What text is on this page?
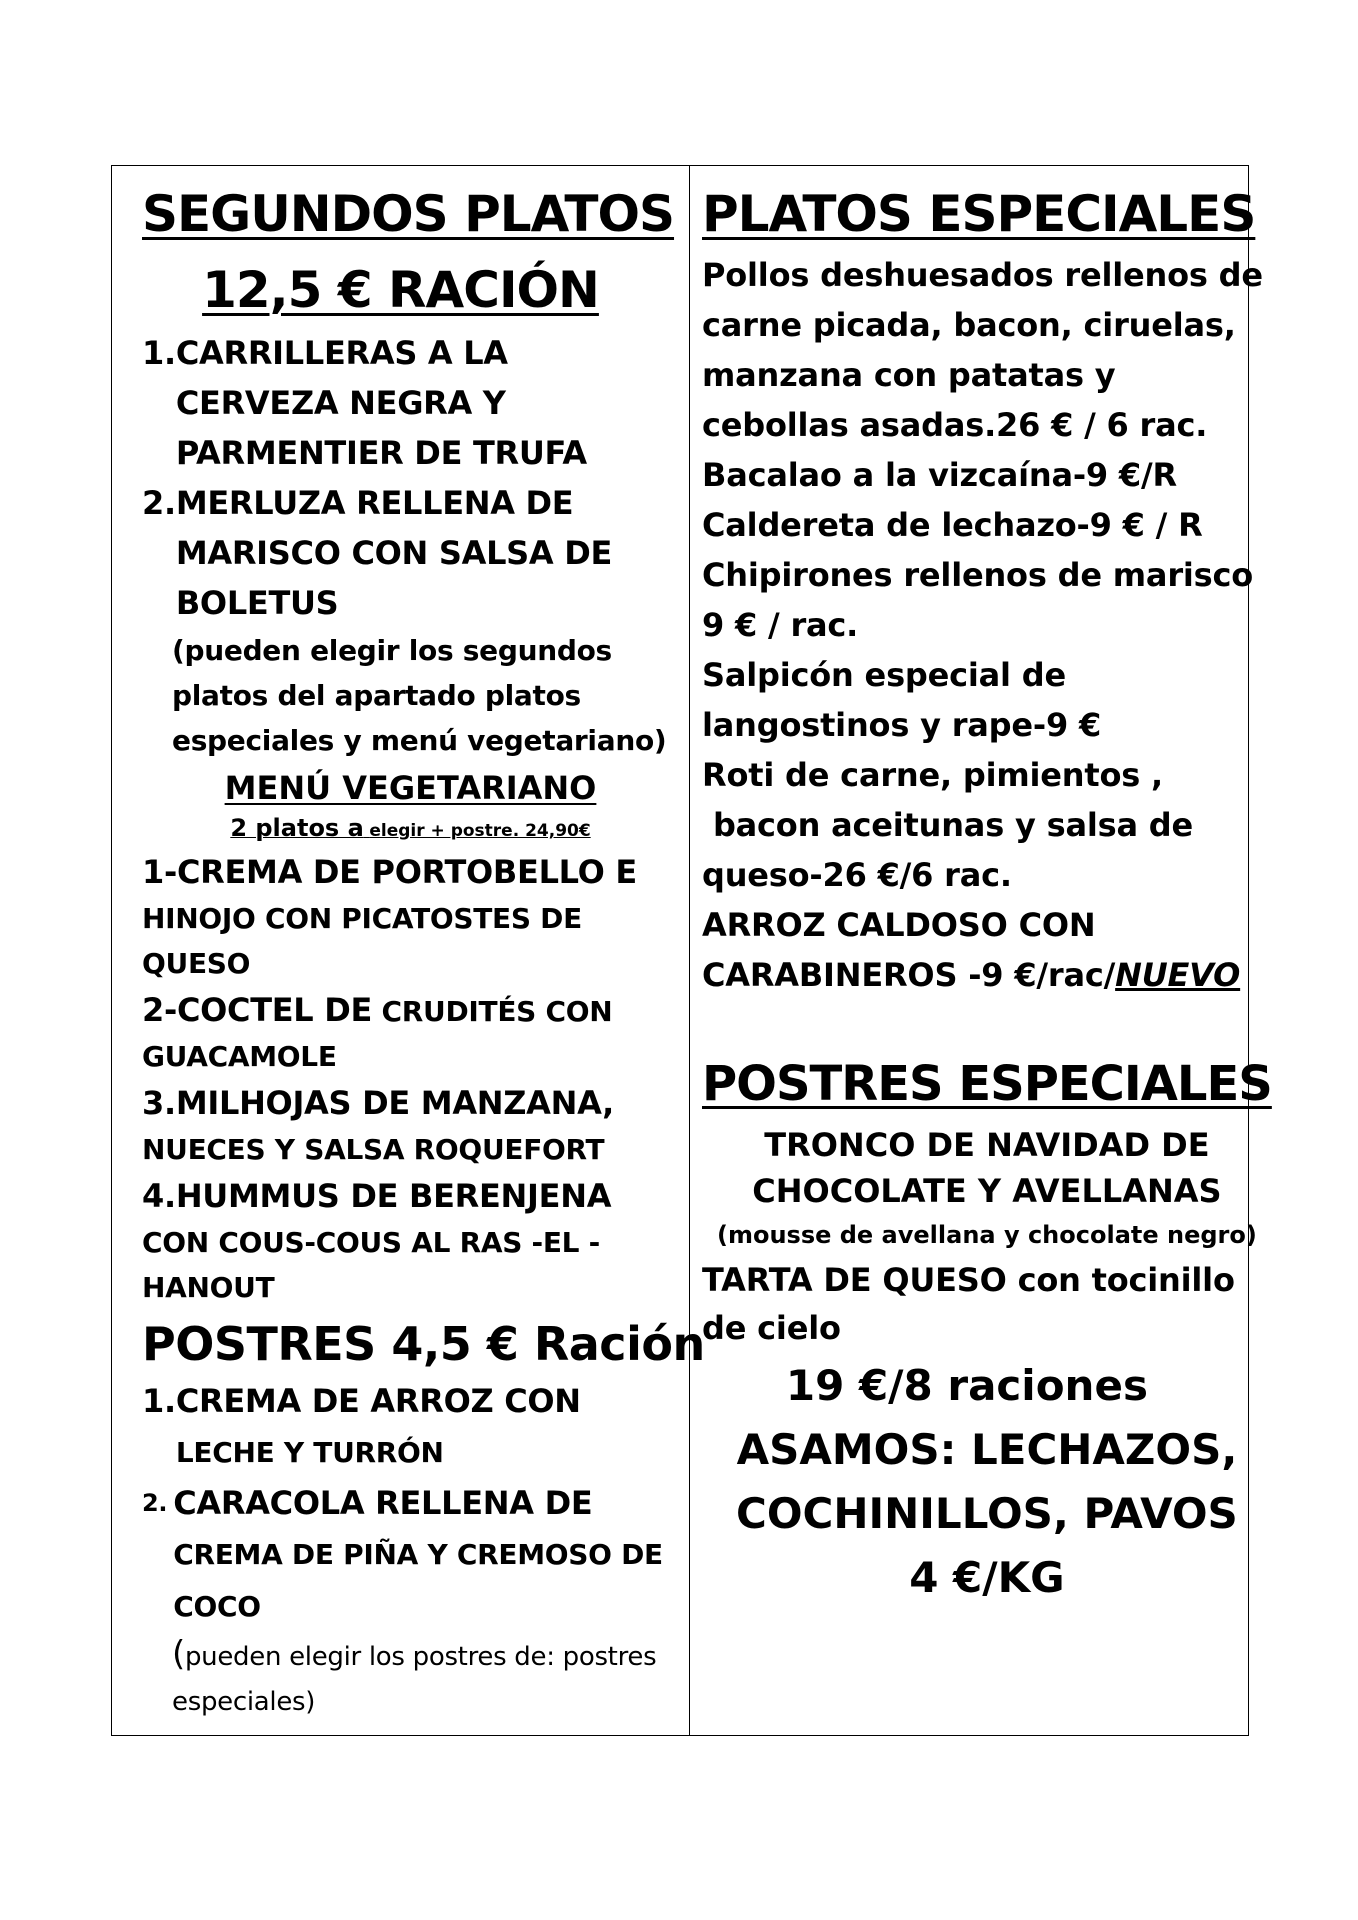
SEGUNDOS PLATOS
12,5 € RACIÓN
1. CARRILLERAS A LA CERVEZA NEGRA Y PARMENTIER DE TRUFA
2. MERLUZA RELLENA DE MARISCO CON SALSA DE BOLETUS
(pueden elegir los segundos platos del apartado platos especiales y menú vegetariano)
MENÚ VEGETARIANO
2 platos a elegir + postre. 24,90€
1-CREMA DE PORTOBELLO E
HINOJO CON PICATOSTES DE QUESO
2-COCTEL DE CRUDITÉS CON GUACAMOLE
3.MILHOJAS DE MANZANA,
NUECES Y SALSA ROQUEFORT
4.HUMMUS DE BERENJENA
CON COUS-COUS AL RAS -EL -HANOUT
POSTRES 4,5 € Ración
1. CREMA DE ARROZ CON LECHE Y TURRÓN
2. CARACOLA RELLENA DE CREMA DE PIÑA Y CREMOSO DE COCO
(pueden elegir los postres de: postres especiales)
PLATOS ESPECIALES
Pollos deshuesados rellenos de
carne picada, bacon, ciruelas,
manzana con patatas y
cebollas asadas.26 € / 6 rac.
Bacalao a la vizcaína-9 €/R
Caldereta de lechazo-9 € / R
Chipirones rellenos de marisco
9 € / rac.
Salpicón especial de
langostinos y rape-9 €
Roti de carne, pimientos ,
bacon aceitunas y salsa de
queso-26 €/6 rac.
ARROZ CALDOSO CON
CARABINEROS -9 €/rac/NUEVO
POSTRES ESPECIALES
TRONCO DE NAVIDAD DE
CHOCOLATE Y AVELLANAS
(mousse de avellana y chocolate negro)
TARTA DE QUESO con tocinillo
de cielo
19 €/8 raciones
ASAMOS: LECHAZOS,
COCHINILLOS, PAVOS
4 €/KG
